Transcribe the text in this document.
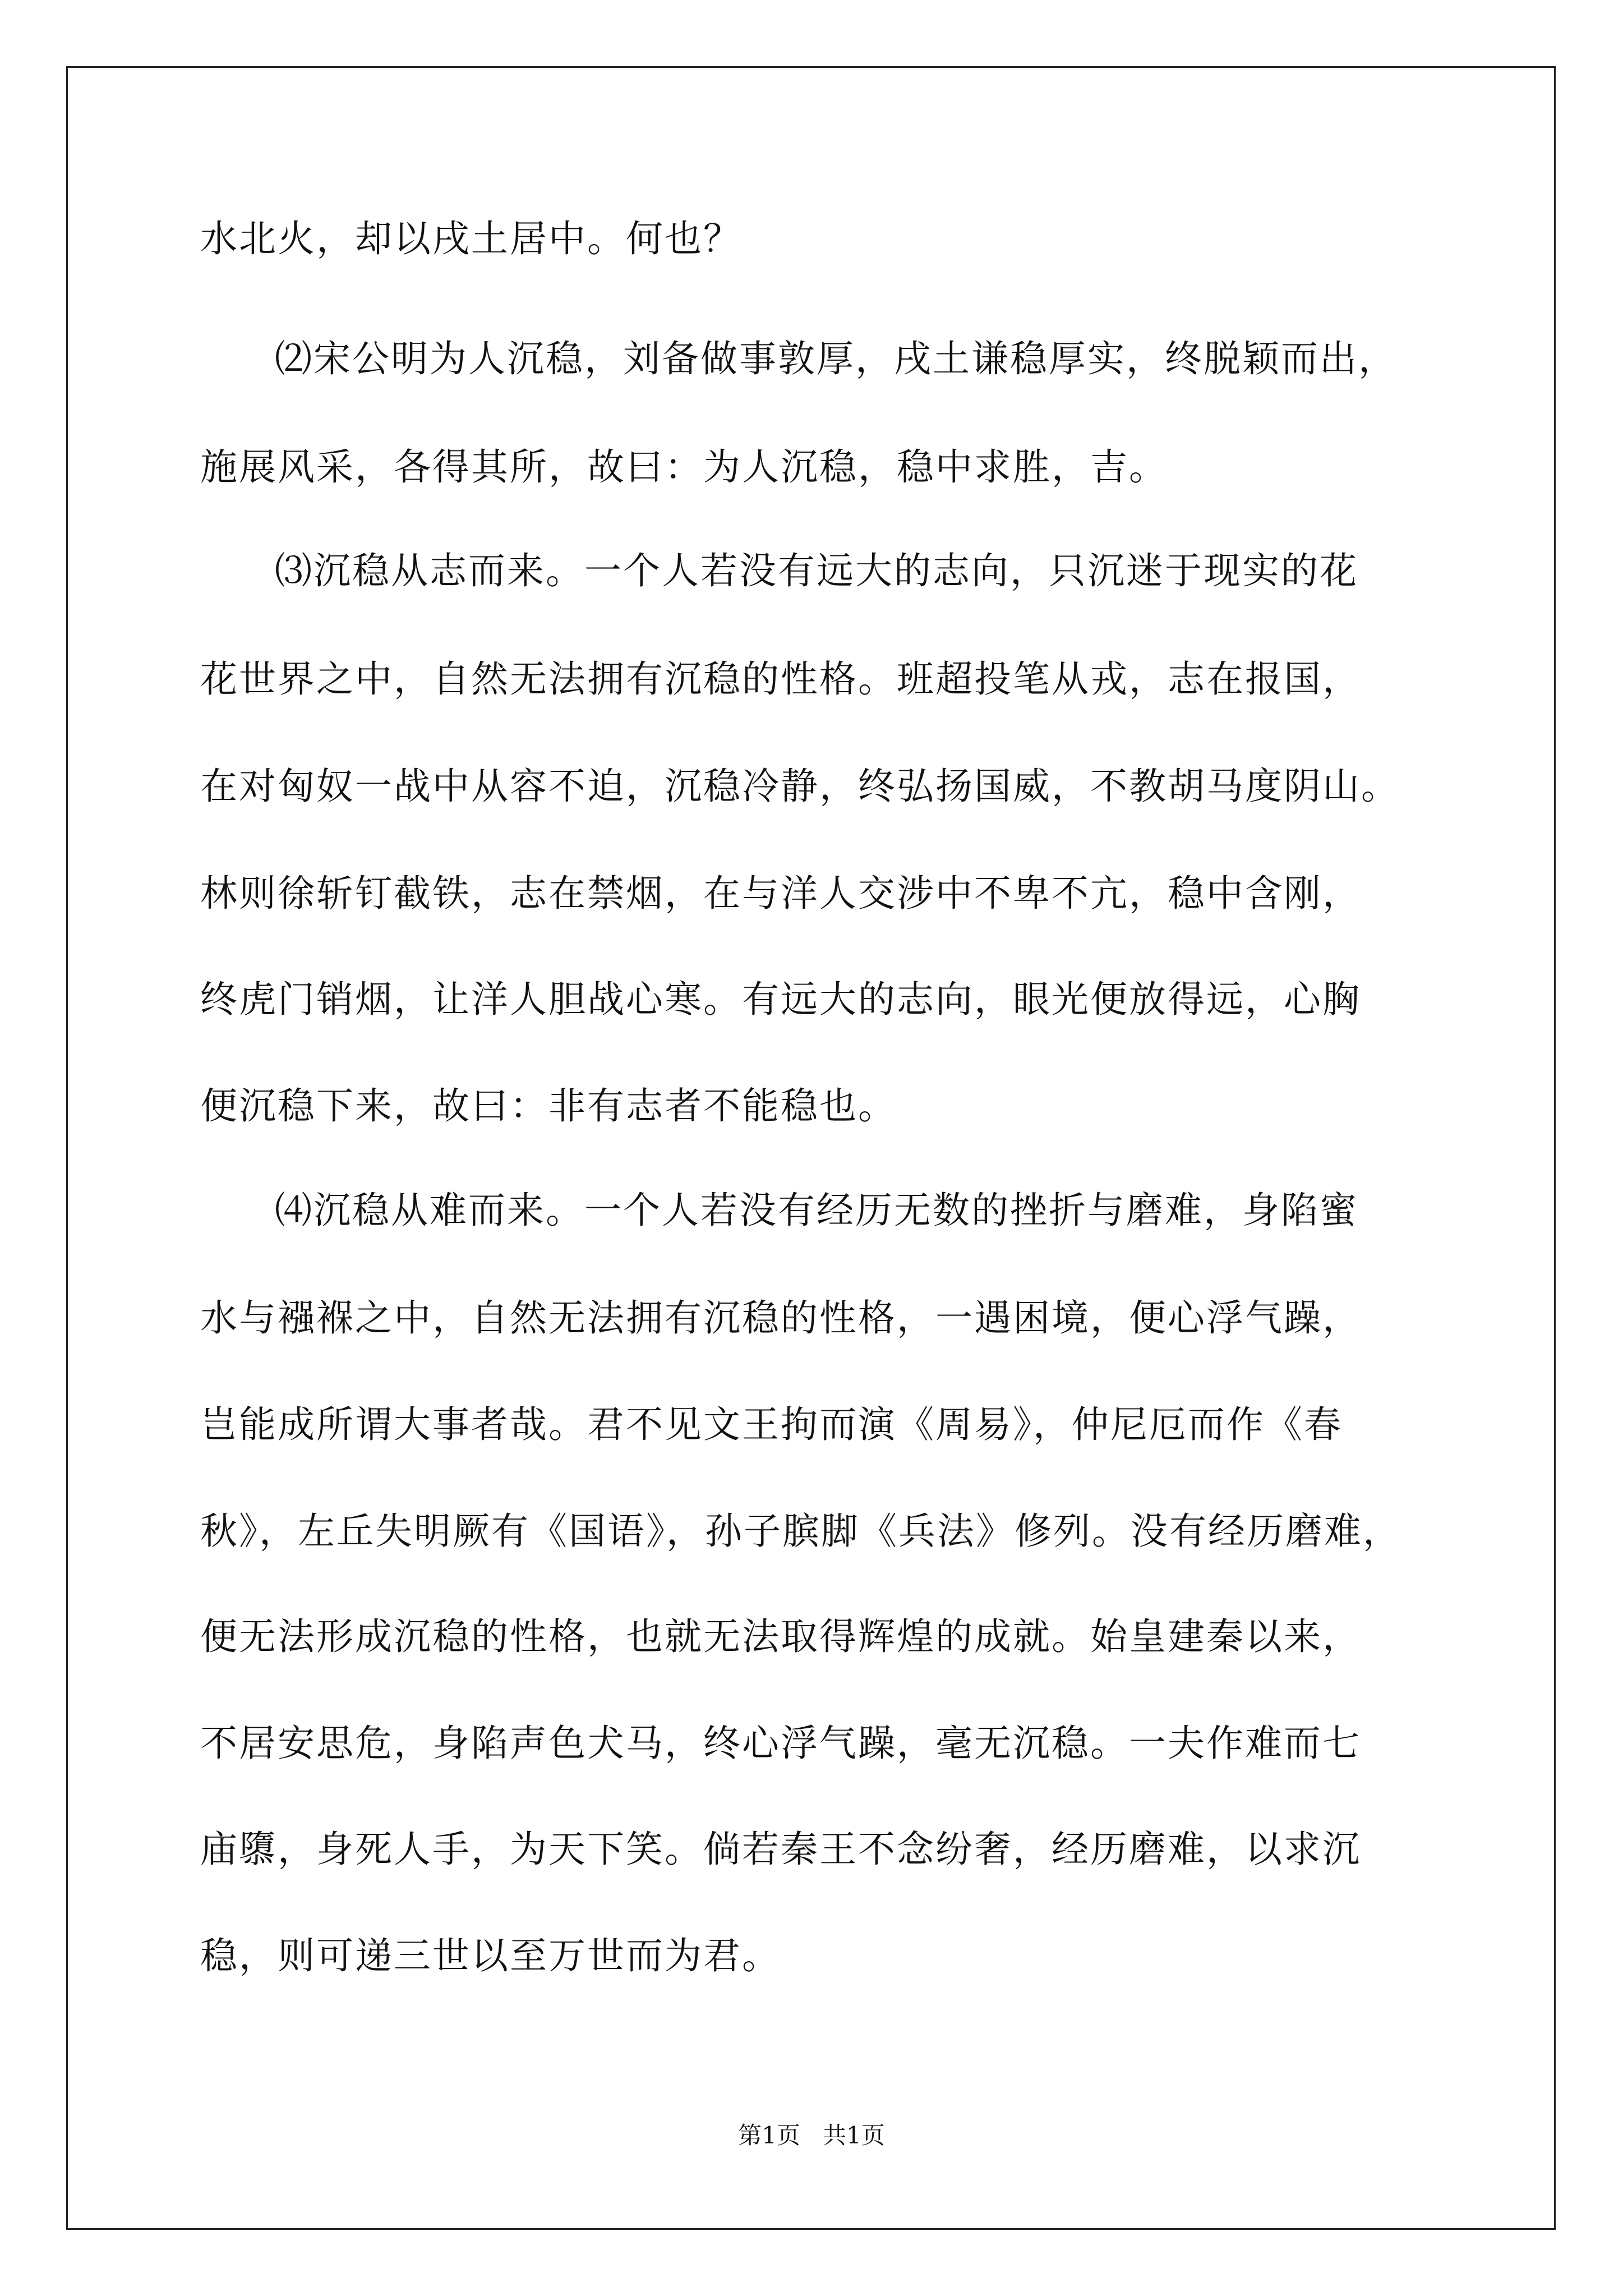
水北火，却以戌土居中。何也？

⑵宋公明为人沉稳，刘备做事敦厚，戌土谦稳厚实，终脱颖而出，

施展风采，各得其所，故曰：为人沉稳，稳中求胜，吉。

⑶沉稳从志而来。一个人若没有远大的志向，只沉迷于现实的花

花世界之中，自然无法拥有沉稳的性格。班超投笔从戎，志在报国，

在对匈奴一战中从容不迫，沉稳冷静，终弘扬国威，不教胡马度阴山。

林则徐斩钉截铁，志在禁烟，在与洋人交涉中不卑不亢，稳中含刚，

终虎门销烟，让洋人胆战心寒。有远大的志向，眼光便放得远，心胸

便沉稳下来，故曰：非有志者不能稳也。

⑷沉稳从难而来。一个人若没有经历无数的挫折与磨难，身陷蜜

水与襁褓之中，自然无法拥有沉稳的性格，一遇困境，便心浮气躁，

岂能成所谓大事者哉。君不见文王拘而演《周易》，仲尼厄而作《春

秋》，左丘失明厥有《国语》，孙子膑脚《兵法》修列。没有经历磨难，

便无法形成沉稳的性格，也就无法取得辉煌的成就。始皇建秦以来，

不居安思危，身陷声色犬马，终心浮气躁，毫无沉稳。一夫作难而七

庙隳，身死人手，为天下笑。倘若秦王不念纷奢，经历磨难，以求沉

稳，则可递三世以至万世而为君。

第1页   共1页
